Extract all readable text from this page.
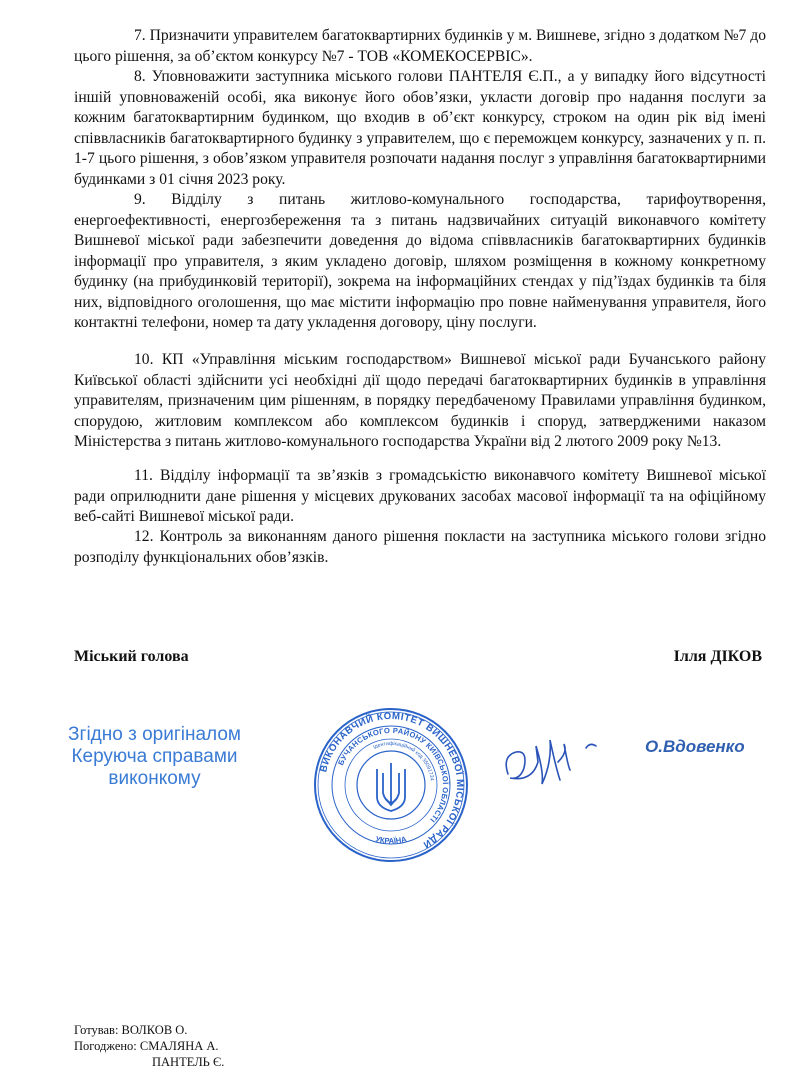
7. Призначити управителем багатоквартирних будинків у м. Вишневе, згідно з додатком №7 до цього рішення, за об’єктом конкурсу №7 - ТОВ «КОМЕКОСЕРВІС».

8. Уповноважити заступника міського голови ПАНТЕЛЯ Є.П., а у випадку його відсутності іншій уповноваженій особі, яка виконує його обов’язки, укласти договір про надання послуги за кожним багатоквартирним будинком, що входив в об’єкт конкурсу, строком на один рік від імені співвласників багатоквартирного будинку з управителем, що є переможцем конкурсу, зазначених у п. п. 1-7 цього рішення, з обов’язком управителя розпочати надання послуг з управління багатоквартирними будинками з 01 січня 2023 року.

9. Відділу з питань житлово-комунального господарства, тарифоутворення, енергоефективності, енергозбереження та з питань надзвичайних ситуацій виконавчого комітету Вишневої міської ради забезпечити доведення до відома співвласників багатоквартирних будинків інформації про управителя, з яким укладено договір, шляхом розміщення в кожному конкретному будинку (на прибудинковій території), зокрема на інформаційних стендах у під’їздах будинків та біля них, відповідного оголошення, що має містити інформацію про повне найменування управителя, його контактні телефони, номер та дату укладення договору, ціну послуги.

10. КП «Управління міським господарством» Вишневої міської ради Бучанського району Київської області здійснити усі необхідні дії щодо передачі багатоквартирних будинків в управління управителям, призначеним цим рішенням, в порядку передбаченому Правилами управління будинком, спорудою, житловим комплексом або комплексом будинків і споруд, затвердженими наказом Міністерства з питань житлово-комунального господарства України від 2 лютого 2009 року №13.

11. Відділу інформації та зв’язків з громадськістю виконавчого комітету Вишневої міської ради оприлюднити дане рішення у місцевих друкованих засобах масової інформації та на офіційному веб-сайті Вишневої міської ради.

12. Контроль за виконанням даного рішення покласти на заступника міського голови згідно розподілу функціональних обов’язків.

Міський голова	Ілля ДІКОВ
Згідно з оригіналом
Керуюча справами
виконкому	ВИКОНАВЧИЙ КОМІТЕТ ВИШНЕВОЇ МІСЬКОЇ РАДИ
БУЧАНСЬКОГО РАЙОНУ КИЇВСЬКОЇ ОБЛАСТІ
Ідентифікаційний код 35091724
УКРАЇНА
О.Вдовенко
Готував: ВОЛКОВ О.
Погоджено: СМАЛЯНА А.
ПАНТЕЛЬ Є.
